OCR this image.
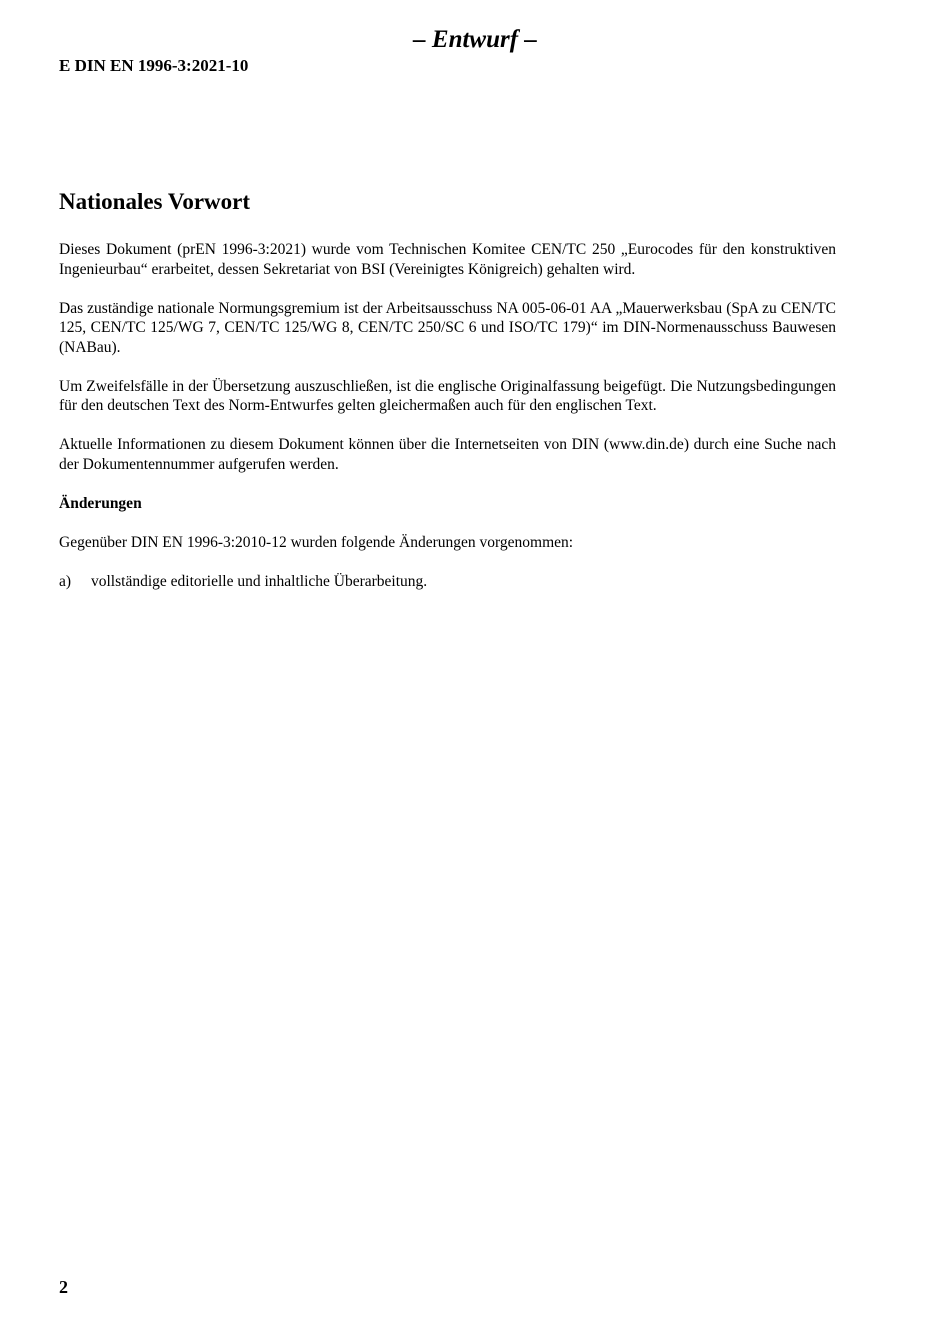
– Entwurf –
E DIN EN 1996-3:2021-10
Nationales Vorwort

Dieses Dokument (prEN 1996-3:2021) wurde vom Technischen Komitee CEN/TC 250 „Eurocodes für den konstruktiven Ingenieurbau“ erarbeitet, dessen Sekretariat von BSI (Vereinigtes Königreich) gehalten wird.

Das zuständige nationale Normungsgremium ist der Arbeitsausschuss NA 005-06-01 AA „Mauerwerksbau (SpA zu CEN/TC 125, CEN/TC 125/WG 7, CEN/TC 125/WG 8, CEN/TC 250/SC 6 und ISO/TC 179)“ im DIN-Normenausschuss Bauwesen (NABau).

Um Zweifelsfälle in der Übersetzung auszuschließen, ist die englische Originalfassung beigefügt. Die Nutzungsbedingungen für den deutschen Text des Norm-Entwurfes gelten gleichermaßen auch für den englischen Text.

Aktuelle Informationen zu diesem Dokument können über die Internetseiten von DIN (www.din.de) durch eine Suche nach der Dokumentennummer aufgerufen werden.

Änderungen

Gegenüber DIN EN 1996-3:2010-12 wurden folgende Änderungen vorgenommen:

a)	vollständige editorielle und inhaltliche Überarbeitung.
2
